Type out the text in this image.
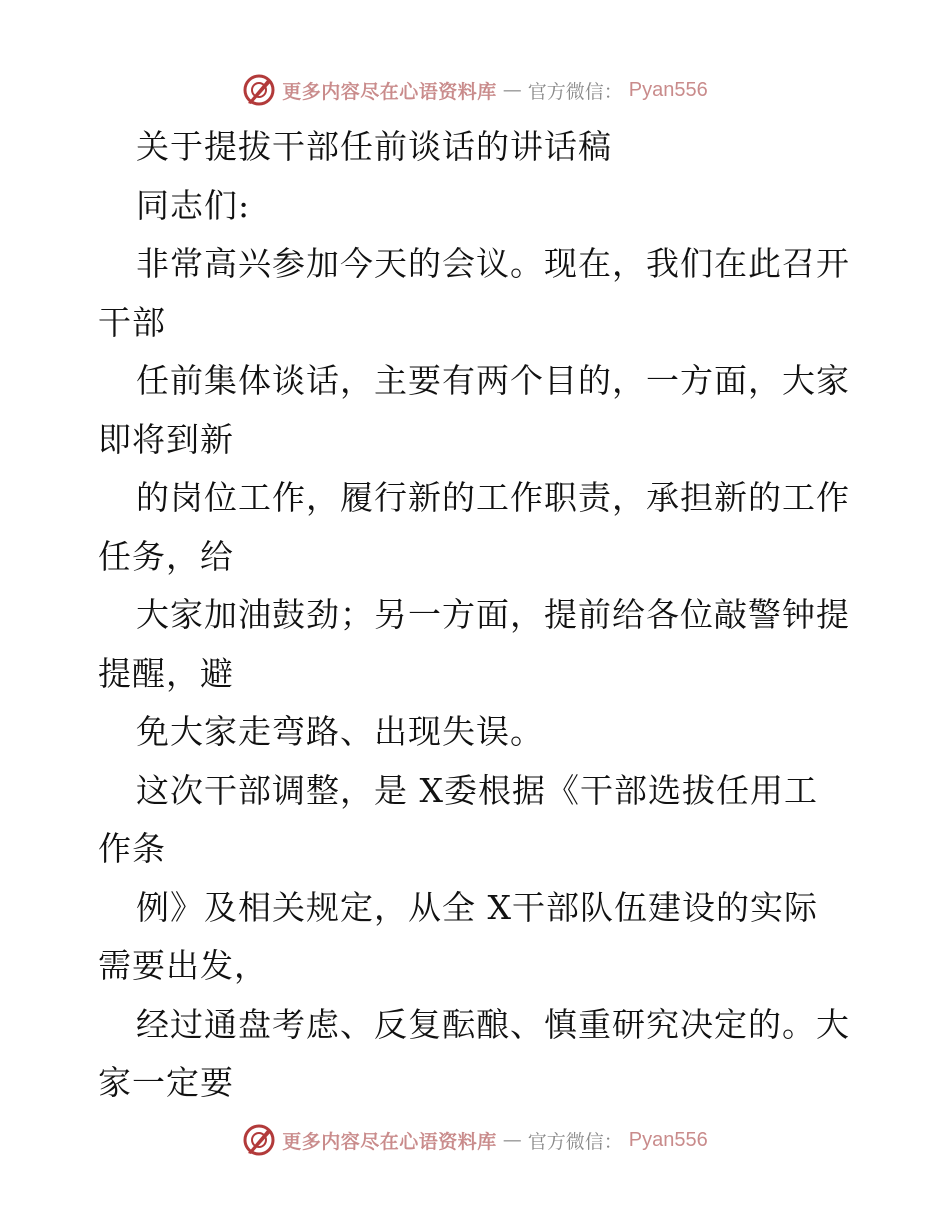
更多内容尽在心语资料库 — 官方微信： Pyan556
关于提拔干部任前谈话的讲话稿
同志们:
非常高兴参加今天的会议。现在，我们在此召开
干部
任前集体谈话，主要有两个目的，一方面，大家
即将到新
的岗位工作，履行新的工作职责，承担新的工作
任务，给
大家加油鼓劲；另一方面，提前给各位敲警钟提
提醒，避
免大家走弯路、出现失误。
这次干部调整，是 X委根据《干部选拔任用工
作条
例》及相关规定，从全 X干部队伍建设的实际
需要出发，
经过通盘考虑、反复酝酿、慎重研究决定的。大
家一定要
更多内容尽在心语资料库 — 官方微信： Pyan556
